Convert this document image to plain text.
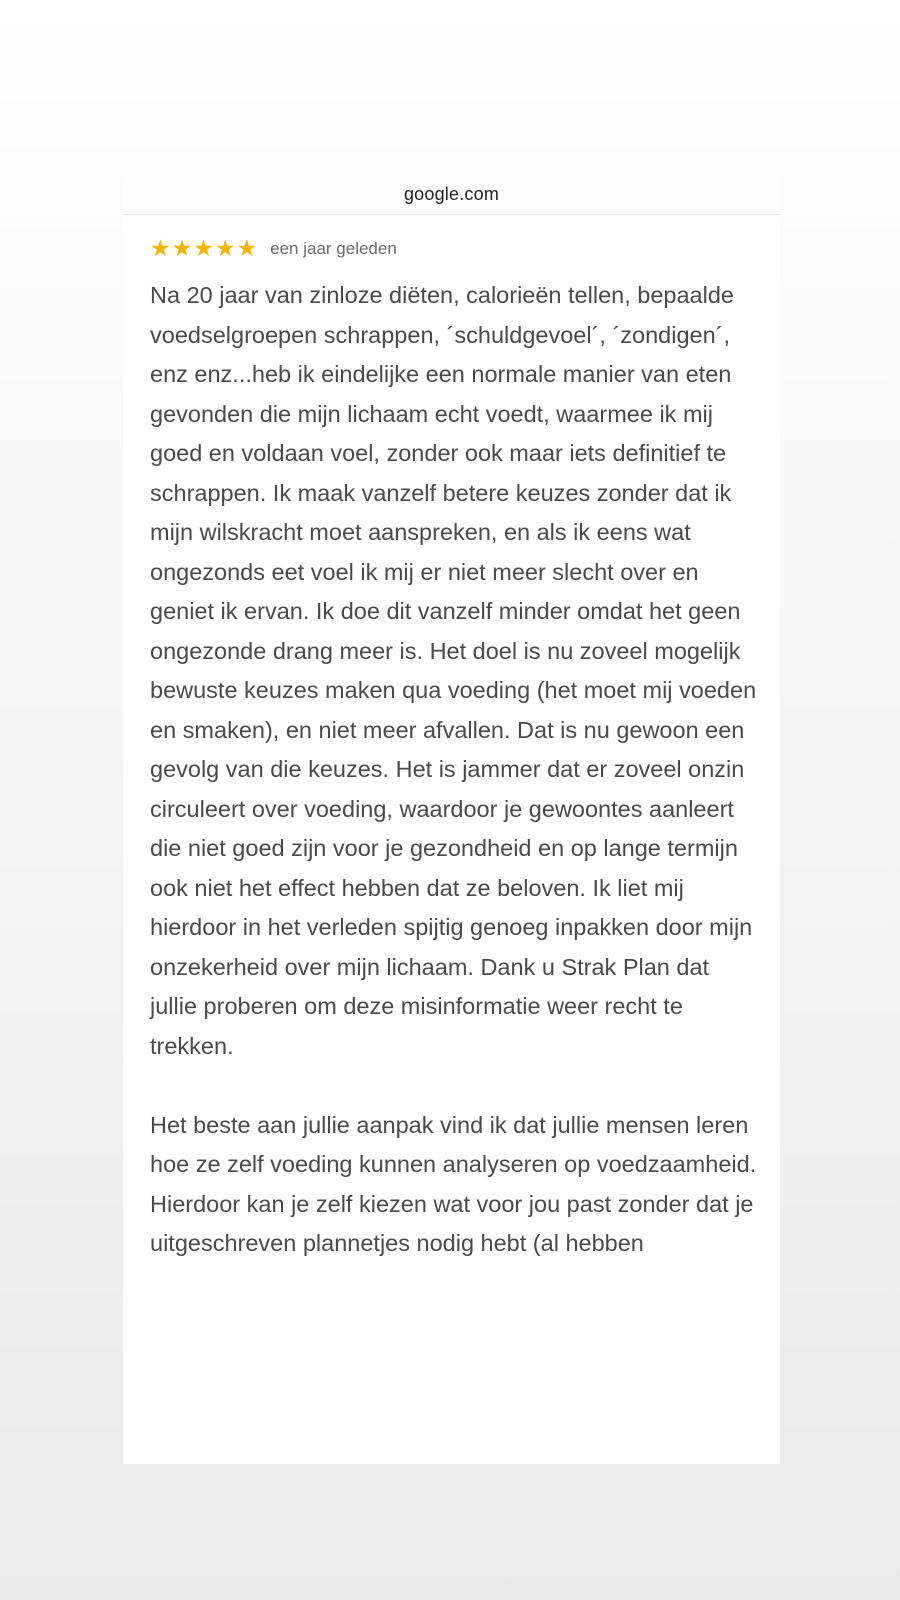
google.com
★ ★ ★ ★ ★ een jaar geleden

Na 20 jaar van zinloze diëten, calorieën tellen, bepaalde voedselgroepen schrappen, ´schuldgevoel´, ´zondigen´, enz enz...heb ik eindelijke een normale manier van eten gevonden die mijn lichaam echt voedt, waarmee ik mij goed en voldaan voel, zonder ook maar iets definitief te schrappen. Ik maak vanzelf betere keuzes zonder dat ik mijn wilskracht moet aanspreken, en als ik eens wat ongezonds eet voel ik mij er niet meer slecht over en geniet ik ervan. Ik doe dit vanzelf minder omdat het geen ongezonde drang meer is. Het doel is nu zoveel mogelijk bewuste keuzes maken qua voeding (het moet mij voeden en smaken), en niet meer afvallen. Dat is nu gewoon een gevolg van die keuzes. Het is jammer dat er zoveel onzin circuleert over voeding, waardoor je gewoontes aanleert die niet goed zijn voor je gezondheid en op lange termijn ook niet het effect hebben dat ze beloven. Ik liet mij hierdoor in het verleden spijtig genoeg inpakken door mijn onzekerheid over mijn lichaam. Dank u Strak Plan dat jullie proberen om deze misinformatie weer recht te trekken.

Het beste aan jullie aanpak vind ik dat jullie mensen leren hoe ze zelf voeding kunnen analyseren op voedzaamheid. Hierdoor kan je zelf kiezen wat voor jou past zonder dat je uitgeschreven plannetjes nodig hebt (al hebben
